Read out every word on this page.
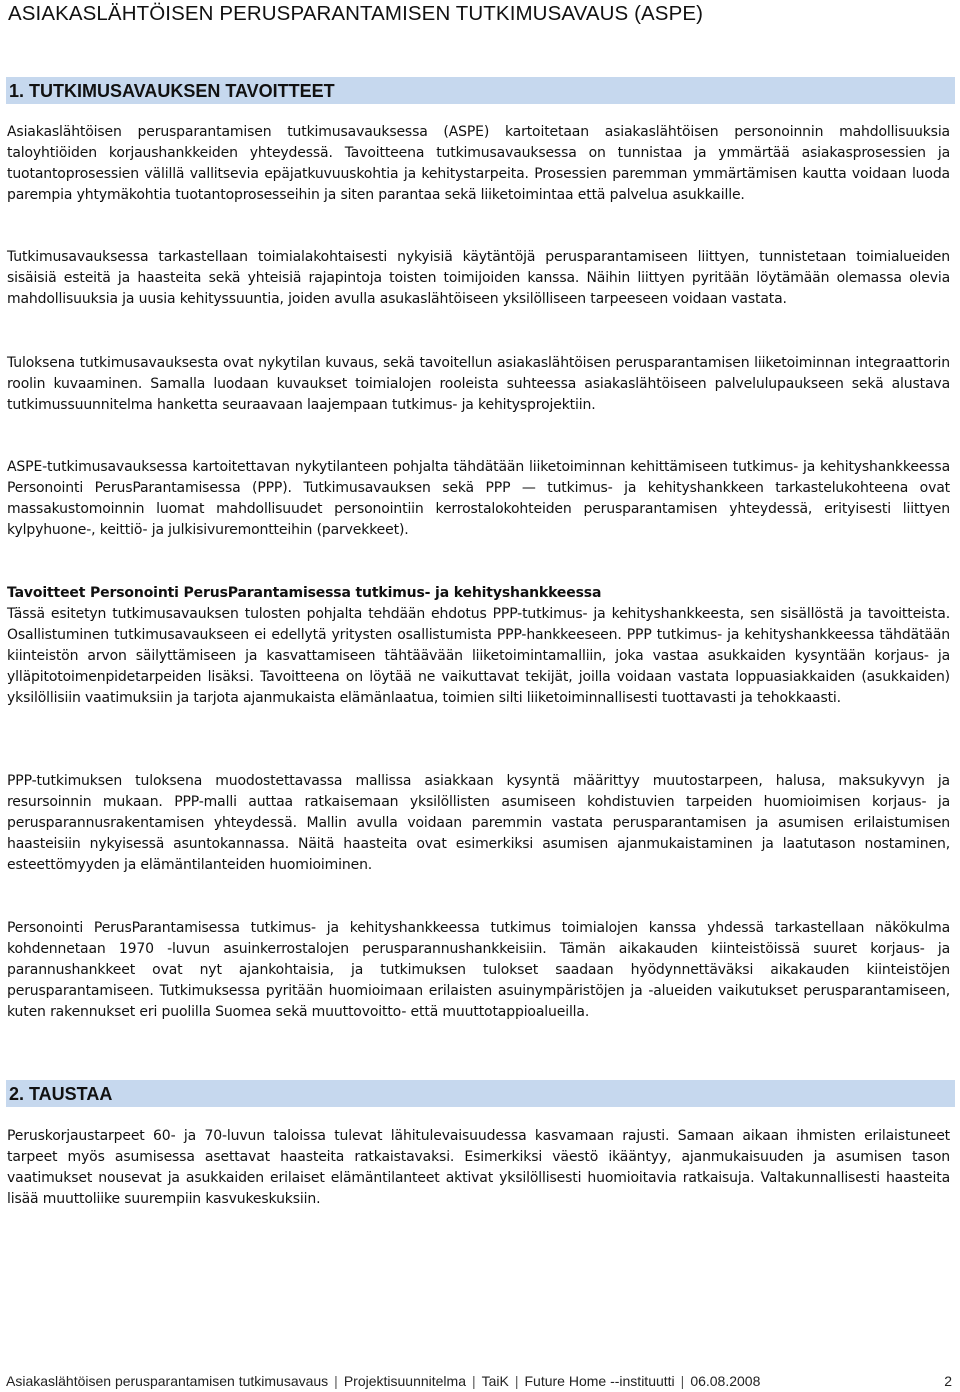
ASIAKASLÄHTÖISEN PERUSPARANTAMISEN TUTKIMUSAVAUS (ASPE)
1. TUTKIMUSAVAUKSEN TAVOITTEET

Asiakaslähtöisen perusparantamisen tutkimusavauksessa (ASPE) kartoitetaan asiakaslähtöisen personoinnin mahdollisuuksia taloyhtiöiden korjaushankkeiden yhteydessä. Tavoitteena tutkimusavauksessa on tunnistaa ja ymmärtää asiakasprosessien ja tuotantoprosessien välillä vallitsevia epäjatkuvuuskohtia ja kehitystarpeita. Prosessien paremman ymmärtämisen kautta voidaan luoda parempia yhtymäkohtia tuotantoprosesseihin ja siten parantaa sekä liiketoimintaa että palvelua asukkaille.

Tutkimusavauksessa tarkastellaan toimialakohtaisesti nykyisiä käytäntöjä perusparantamiseen liittyen, tunnistetaan toimialueiden sisäisiä esteitä ja haasteita sekä yhteisiä rajapintoja toisten toimijoiden kanssa. Näihin liittyen pyritään löytämään olemassa olevia mahdollisuuksia ja uusia kehityssuuntia, joiden avulla asukaslähtöiseen yksilölliseen tarpeeseen voidaan vastata.

Tuloksena tutkimusavauksesta ovat nykytilan kuvaus, sekä tavoitellun asiakaslähtöisen perusparantamisen liiketoiminnan integraattorin roolin kuvaaminen. Samalla luodaan kuvaukset toimialojen rooleista suhteessa asiakaslähtöiseen palvelulupaukseen sekä alustava tutkimussuunnitelma hanketta seuraavaan laajempaan tutkimus- ja kehitysprojektiin.

ASPE-tutkimusavauksessa kartoitettavan nykytilanteen pohjalta tähdätään liiketoiminnan kehittämiseen tutkimus- ja kehityshankkeessa Personointi PerusParantamisessa (PPP). Tutkimusavauksen sekä PPP — tutkimus- ja kehityshankkeen tarkastelukohteena ovat massakustomoinnin luomat mahdollisuudet personointiin kerrostalokohteiden perusparantamisen yhteydessä, erityisesti liittyen kylpyhuone-, keittiö- ja julkisivuremontteihin (parvekkeet).

Tavoitteet Personointi PerusParantamisessa tutkimus- ja kehityshankkeessa
Tässä esitetyn tutkimusavauksen tulosten pohjalta tehdään ehdotus PPP-tutkimus- ja kehityshankkeesta, sen sisällöstä ja tavoitteista. Osallistuminen tutkimusavaukseen ei edellytä yritysten osallistumista PPP-hankkeeseen. PPP tutkimus- ja kehityshankkeessa tähdätään kiinteistön arvon säilyttämiseen ja kasvattamiseen tähtäävään liiketoimintamalliin, joka vastaa asukkaiden kysyntään korjaus- ja ylläpitotoimenpidetarpeiden lisäksi. Tavoitteena on löytää ne vaikuttavat tekijät, joilla voidaan vastata loppuasiakkaiden (asukkaiden) yksilöllisiin vaatimuksiin ja tarjota ajanmukaista elämänlaatua, toimien silti liiketoiminnallisesti tuottavasti ja tehokkaasti.

PPP-tutkimuksen tuloksena muodostettavassa mallissa asiakkaan kysyntä määrittyy muutostarpeen, halusa, maksukyvyn ja resursoinnin mukaan. PPP-malli auttaa ratkaisemaan yksilöllisten asumiseen kohdistuvien tarpeiden huomioimisen korjaus- ja perusparannusrakentamisen yhteydessä. Mallin avulla voidaan paremmin vastata perusparantamisen ja asumisen erilaistumisen haasteisiin nykyisessä asuntokannassa. Näitä haasteita ovat esimerkiksi asumisen ajanmukaistaminen ja laatutason nostaminen, esteettömyyden ja elämäntilanteiden huomioiminen.

Personointi PerusParantamisessa tutkimus- ja kehityshankkeessa tutkimus toimialojen kanssa yhdessä tarkastellaan näkökulma kohdennetaan 1970 -luvun asuinkerrostalojen perusparannushankkeisiin. Tämän aikakauden kiinteistöissä suuret korjaus- ja parannushankkeet ovat nyt ajankohtaisia, ja tutkimuksen tulokset saadaan hyödynnettäväksi aikakauden kiinteistöjen perusparantamiseen. Tutkimuksessa pyritään huomioimaan erilaisten asuinympäristöjen ja -alueiden vaikutukset perusparantamiseen, kuten rakennukset eri puolilla Suomea sekä muuttovoitto- että muuttotappioalueilla.

2. TAUSTAA

Peruskorjaustarpeet 60- ja 70-luvun taloissa tulevat lähitulevaisuudessa kasvamaan rajusti. Samaan aikaan ihmisten erilaistuneet tarpeet myös asumisessa asettavat haasteita ratkaistavaksi. Esimerkiksi väestö ikääntyy, ajanmukaisuuden ja asumisen tason vaatimukset nousevat ja asukkaiden erilaiset elämäntilanteet aktivat yksilöllisesti huomioitavia ratkaisuja. Valtakunnallisesti haasteita lisää muuttoliike suurempiin kasvukeskuksiin.

Asiakaslähtöisen perusparantamisen tutkimusavaus | Projektisuunnitelma | TaiK | Future Home --instituutti | 06.08.2008	2
